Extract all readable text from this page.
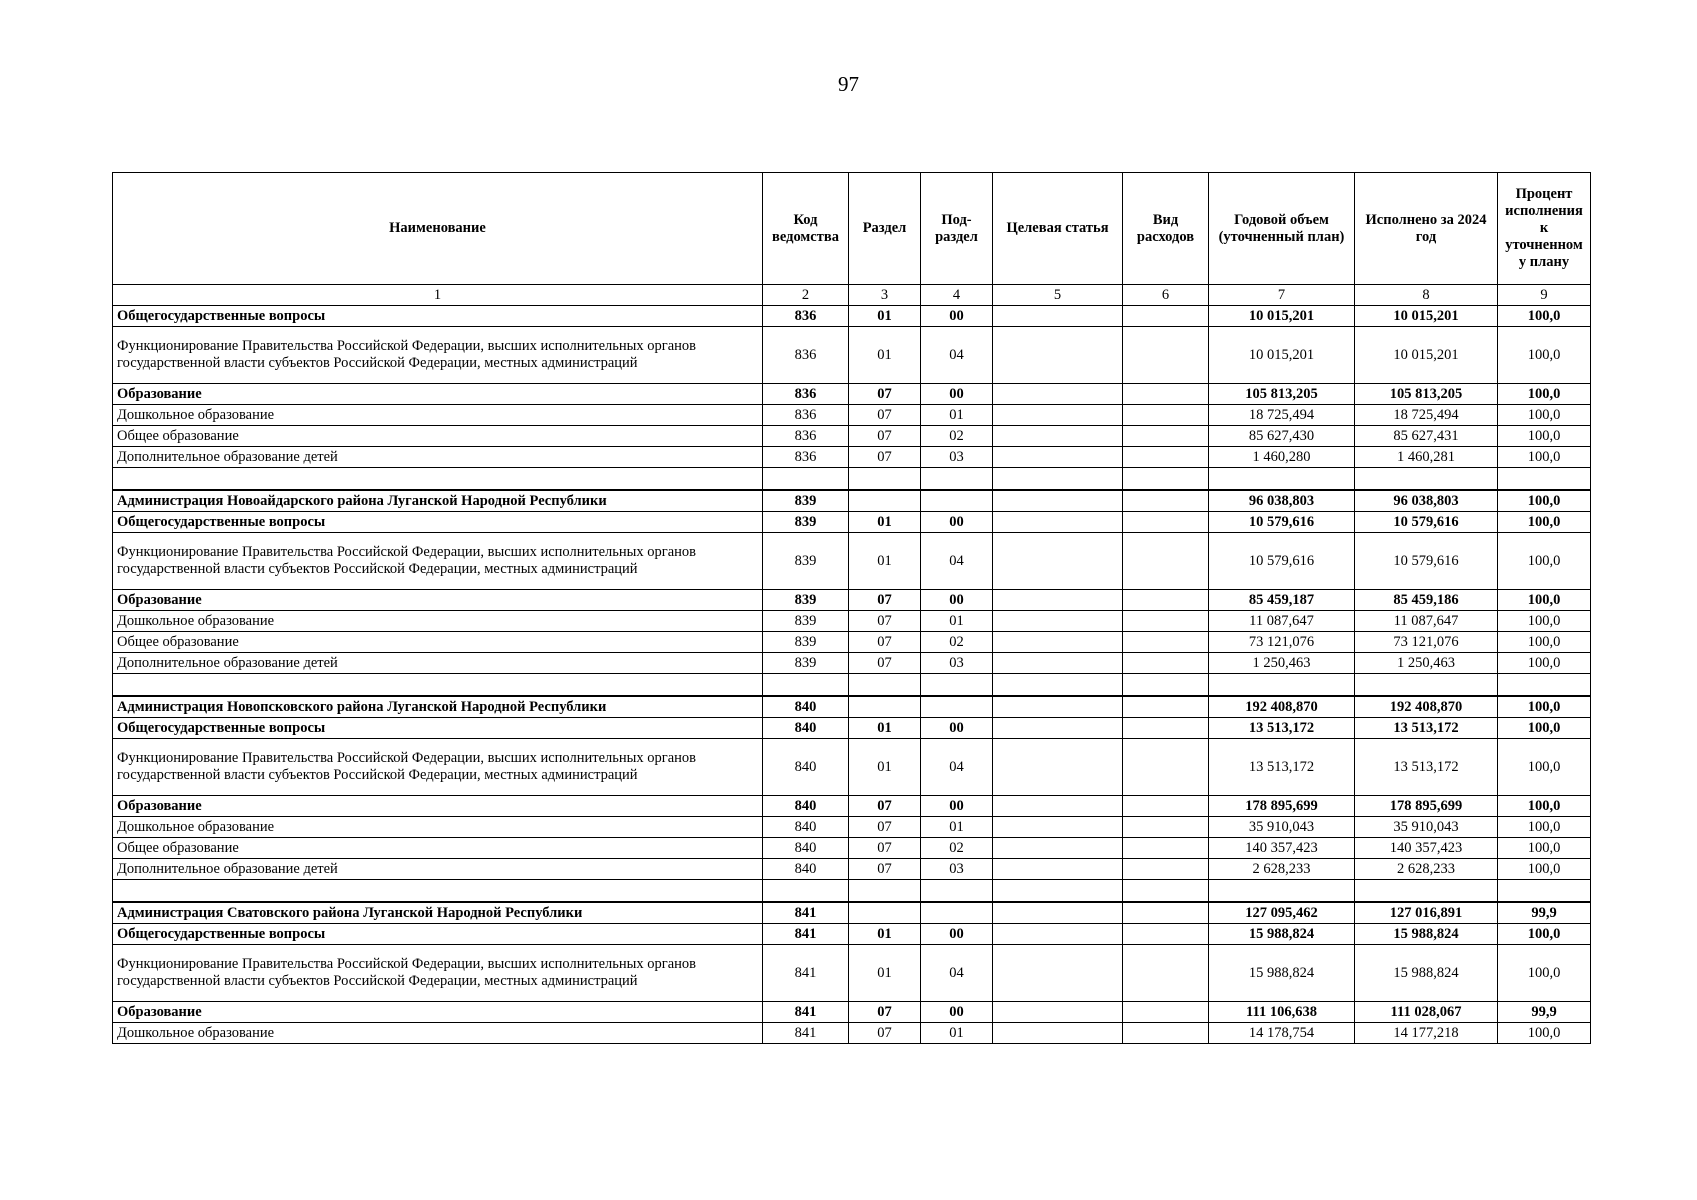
97
Наименование	Код ведомства	Раздел	Под-раздел	Целевая статья	Вид расходов	Годовой объем (уточненный план)	Исполнено за 2024 год	Процент исполнения к уточненном у плану
1	2	3	4	5	6	7	8	9
Общегосударственные вопросы	836	01	00			10 015,201	10 015,201	100,0
Функционирование Правительства Российской Федерации, высших исполнительных органов государственной власти субъектов Российской Федерации, местных администраций	836	01	04			10 015,201	10 015,201	100,0
Образование	836	07	00			105 813,205	105 813,205	100,0
Дошкольное образование	836	07	01			18 725,494	18 725,494	100,0
Общее образование	836	07	02			85 627,430	85 627,431	100,0
Дополнительное образование детей	836	07	03			1 460,280	1 460,281	100,0

Администрация Новоайдарского района Луганской Народной Республики	839					96 038,803	96 038,803	100,0
Общегосударственные вопросы	839	01	00			10 579,616	10 579,616	100,0
Функционирование Правительства Российской Федерации, высших исполнительных органов государственной власти субъектов Российской Федерации, местных администраций	839	01	04			10 579,616	10 579,616	100,0
Образование	839	07	00			85 459,187	85 459,186	100,0
Дошкольное образование	839	07	01			11 087,647	11 087,647	100,0
Общее образование	839	07	02			73 121,076	73 121,076	100,0
Дополнительное образование детей	839	07	03			1 250,463	1 250,463	100,0

Администрация Новопсковского района Луганской Народной Республики	840					192 408,870	192 408,870	100,0
Общегосударственные вопросы	840	01	00			13 513,172	13 513,172	100,0
Функционирование Правительства Российской Федерации, высших исполнительных органов государственной власти субъектов Российской Федерации, местных администраций	840	01	04			13 513,172	13 513,172	100,0
Образование	840	07	00			178 895,699	178 895,699	100,0
Дошкольное образование	840	07	01			35 910,043	35 910,043	100,0
Общее образование	840	07	02			140 357,423	140 357,423	100,0
Дополнительное образование детей	840	07	03			2 628,233	2 628,233	100,0

Администрация Сватовского района Луганской Народной Республики	841					127 095,462	127 016,891	99,9
Общегосударственные вопросы	841	01	00			15 988,824	15 988,824	100,0
Функционирование Правительства Российской Федерации, высших исполнительных органов государственной власти субъектов Российской Федерации, местных администраций	841	01	04			15 988,824	15 988,824	100,0
Образование	841	07	00			111 106,638	111 028,067	99,9
Дошкольное образование	841	07	01			14 178,754	14 177,218	100,0
